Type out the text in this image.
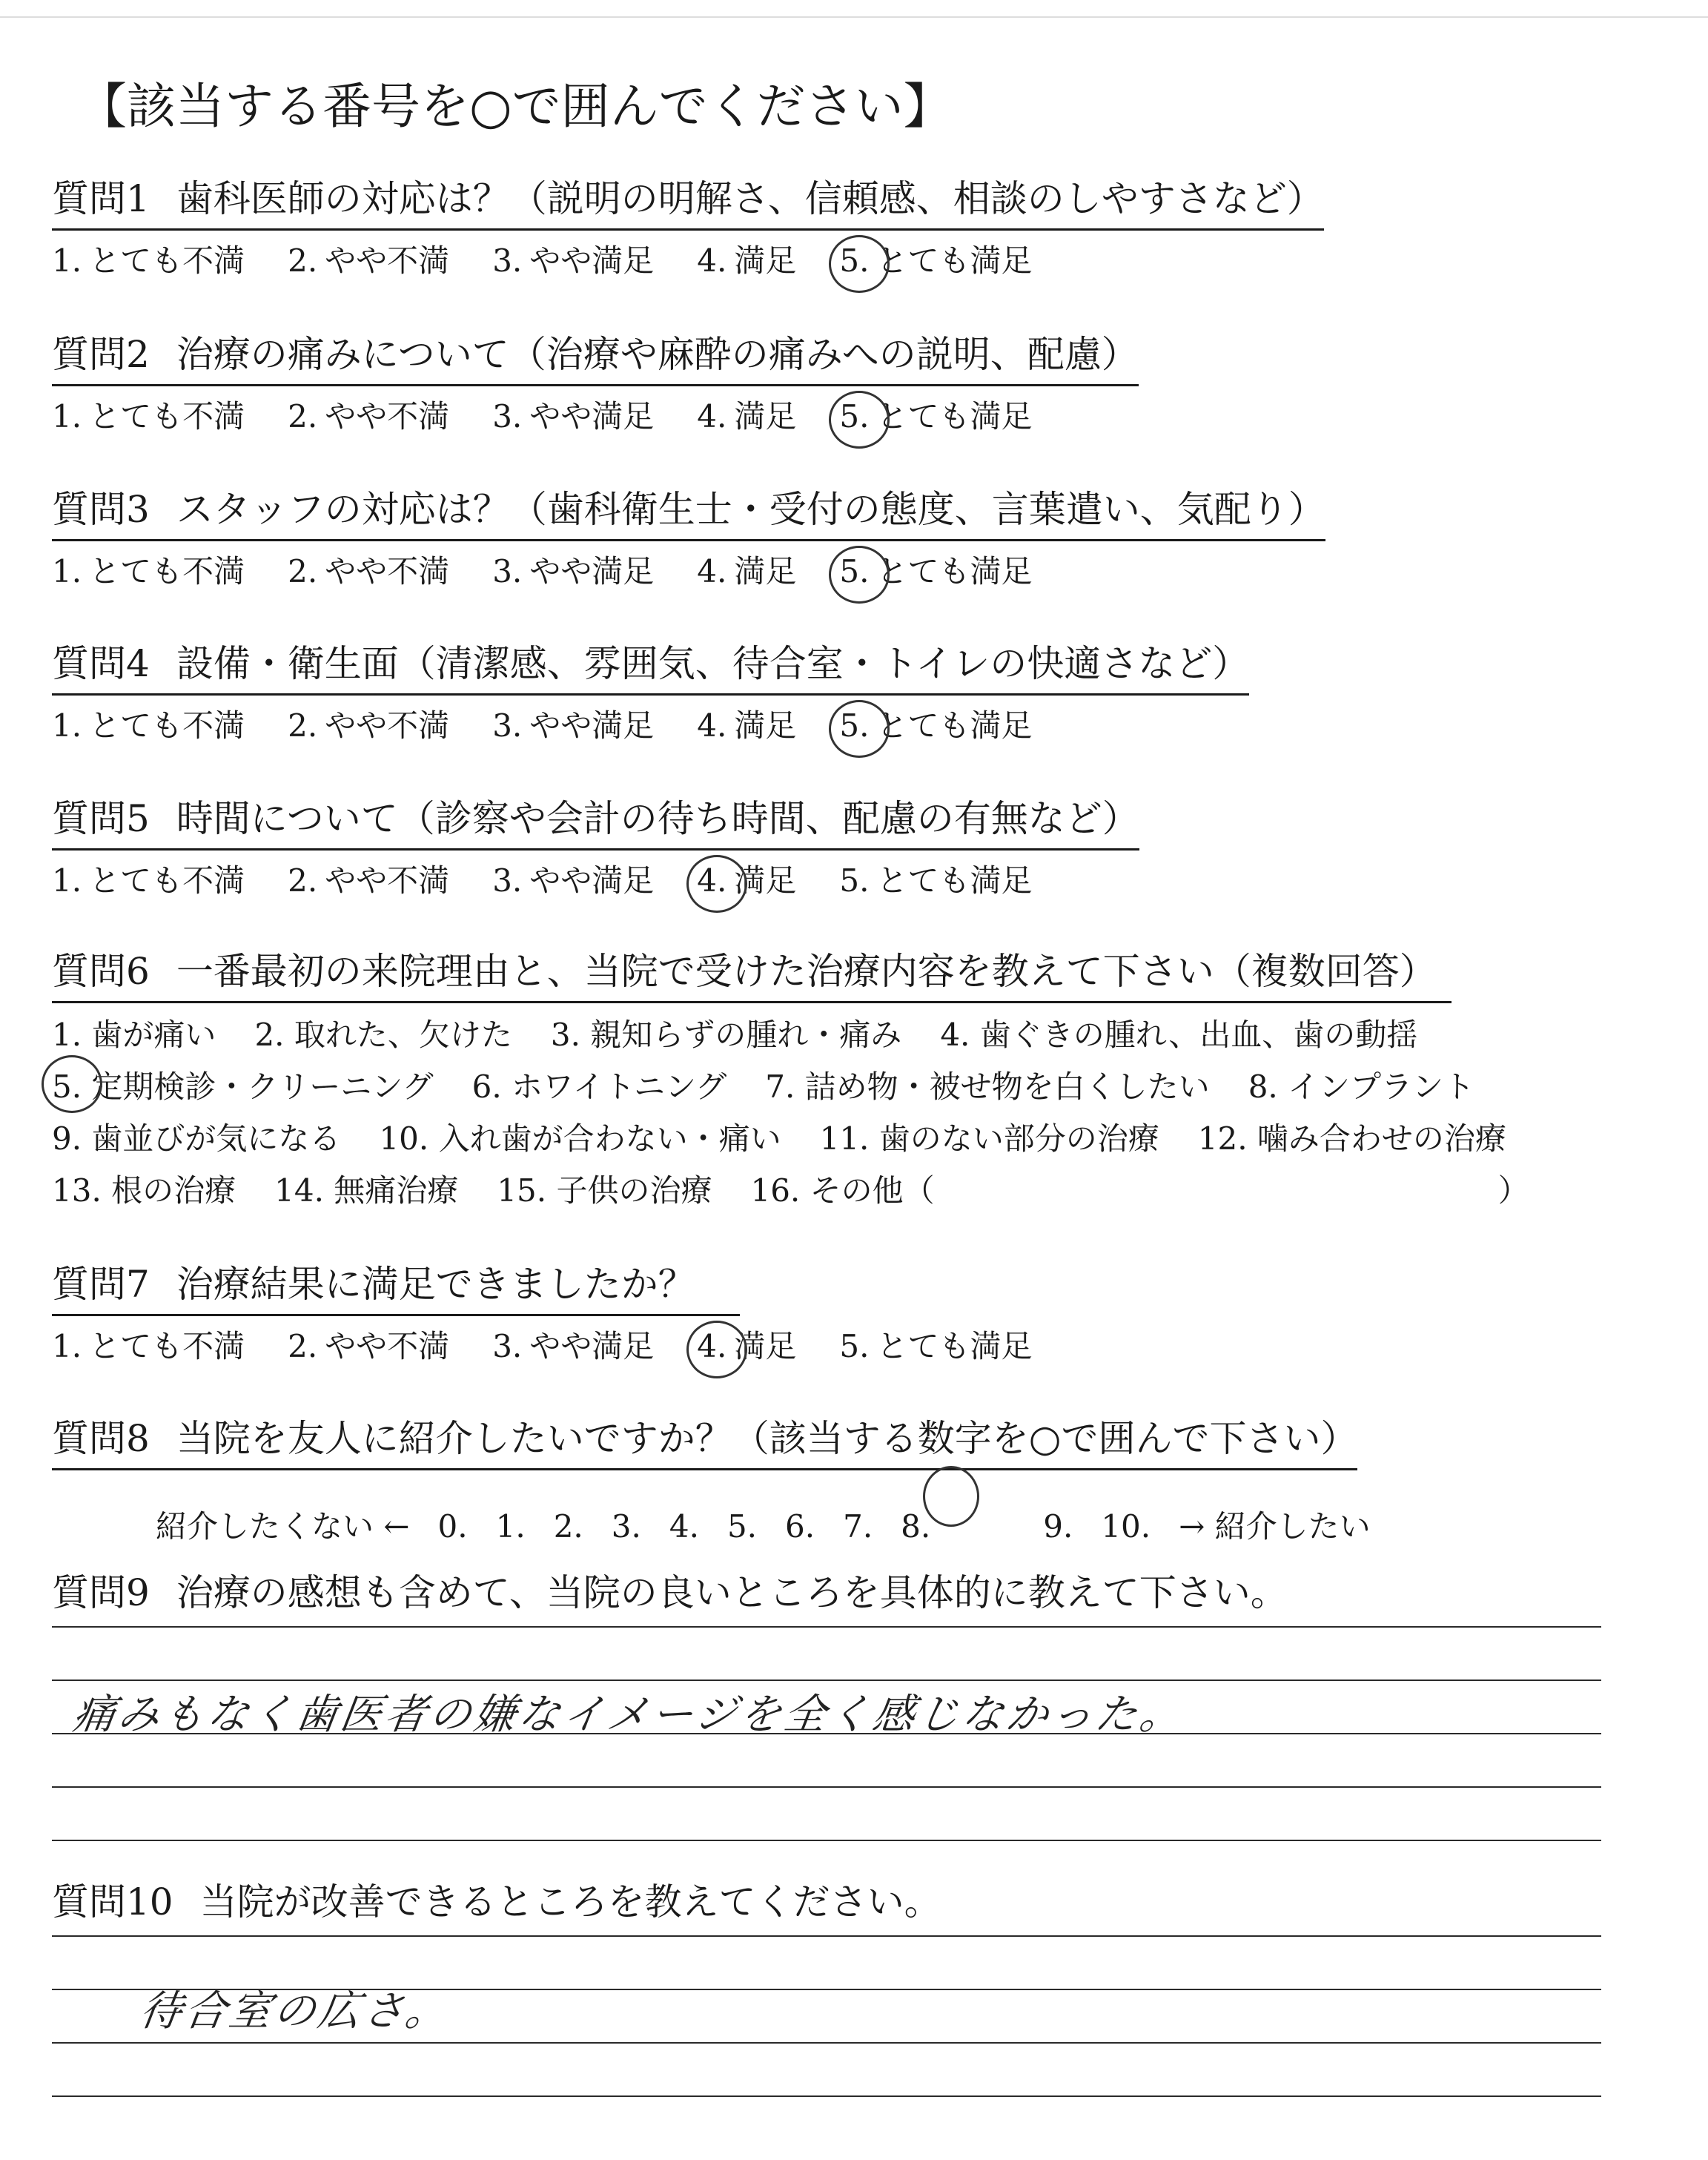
【該当する番号を○で囲んでください】
質問1 歯科医師の対応は？（説明の明解さ、信頼感、相談のしやすさなど）
1. とても不満 2. やや不満 3. やや満足 4. 満足 5. とても満足
質問2 治療の痛みについて（治療や麻酔の痛みへの説明、配慮）
1. とても不満 2. やや不満 3. やや満足 4. 満足 5. とても満足
質問3 スタッフの対応は？（歯科衛生士・受付の態度、言葉遣い、気配り）
1. とても不満 2. やや不満 3. やや満足 4. 満足 5. とても満足
質問4 設備・衛生面（清潔感、雰囲気、待合室・トイレの快適さなど）
1. とても不満 2. やや不満 3. やや満足 4. 満足 5. とても満足
質問5 時間について（診察や会計の待ち時間、配慮の有無など）
1. とても不満 2. やや不満 3. やや満足 4. 満足 5. とても満足
質問6 一番最初の来院理由と、当院で受けた治療内容を教えて下さい（複数回答）
1. 歯が痛い 2. 取れた、欠けた 3. 親知らずの腫れ・痛み 4. 歯ぐきの腫れ、出血、歯の動揺
5. 定期検診・クリーニング 6. ホワイトニング 7. 詰め物・被せ物を白くしたい 8. インプラント
9. 歯並びが気になる 10. 入れ歯が合わない・痛い 11. 歯のない部分の治療 12. 噛み合わせの治療
13. 根の治療 14. 無痛治療 15. 子供の治療 16. その他（	）
質問7 治療結果に満足できましたか？
1. とても不満 2. やや不満 3. やや満足 4. 満足 5. とても満足
質問8 当院を友人に紹介したいですか？（該当する数字を○で囲んで下さい）
紹介したくない ← 0. 1. 2. 3. 4. 5. 6. 7. 8.	9. 10. → 紹介したい
質問9 治療の感想も含めて、当院の良いところを具体的に教えて下さい。
痛みもなく歯医者の嫌なイメージを全く感じなかった。
質問10 当院が改善できるところを教えてください。
待合室の広さ。
